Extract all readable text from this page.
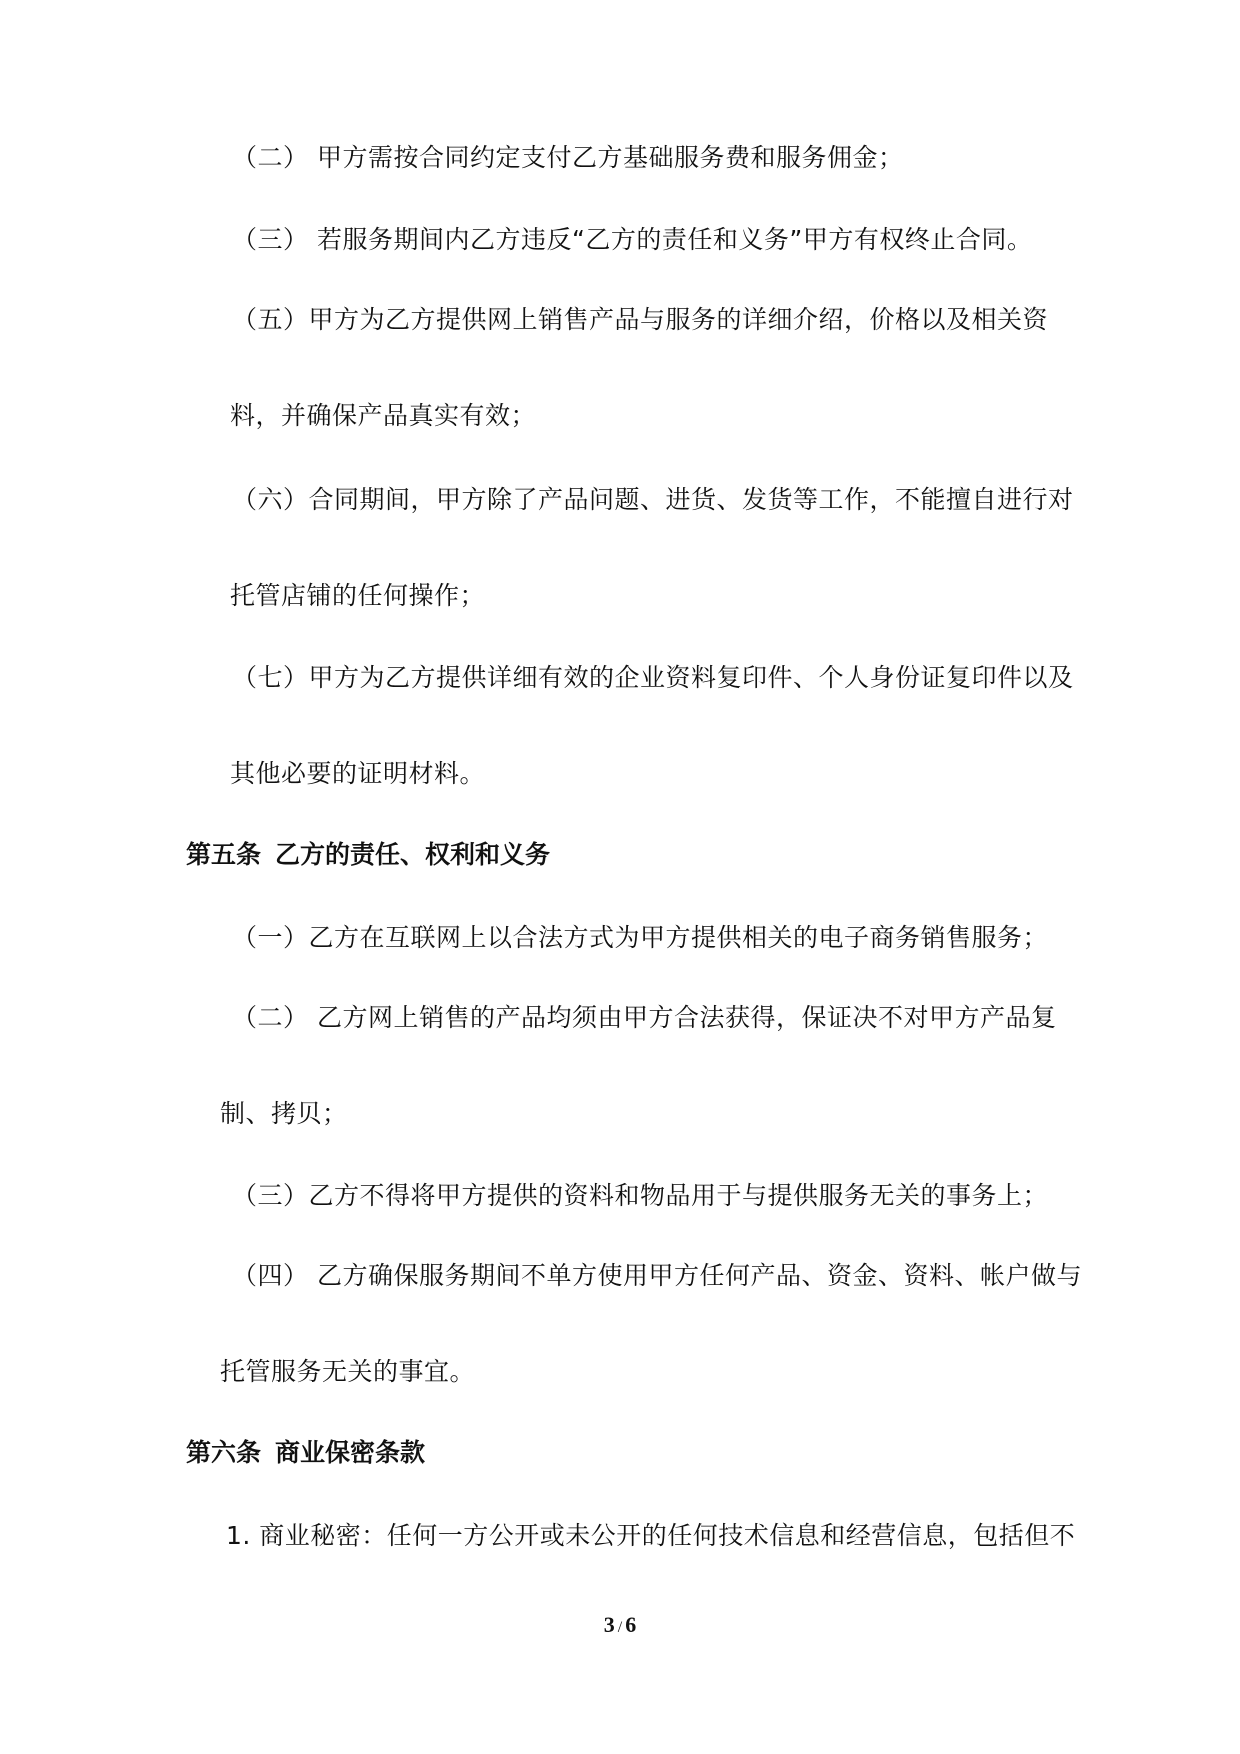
（二） 甲方需按合同约定支付乙方基础服务费和服务佣金；
（三） 若服务期间内乙方违反“乙方的责任和义务”甲方有权终止合同。
（五）甲方为乙方提供网上销售产品与服务的详细介绍，价格以及相关资
料，并确保产品真实有效；
（六）合同期间，甲方除了产品问题、进货、发货等工作，不能擅自进行对
托管店铺的任何操作；
（七）甲方为乙方提供详细有效的企业资料复印件、个人身份证复印件以及
其他必要的证明材料。
第五条 乙方的责任、权利和义务
（一）乙方在互联网上以合法方式为甲方提供相关的电子商务销售服务；
（二） 乙方网上销售的产品均须由甲方合法获得，保证决不对甲方产品复
制、拷贝；
（三）乙方不得将甲方提供的资料和物品用于与提供服务无关的事务上；
（四） 乙方确保服务期间不单方使用甲方任何产品、资金、资料、帐户做与
托管服务无关的事宜。
第六条 商业保密条款
1. 商业秘密：任何一方公开或未公开的任何技术信息和经营信息，包括但不
3 / 6
